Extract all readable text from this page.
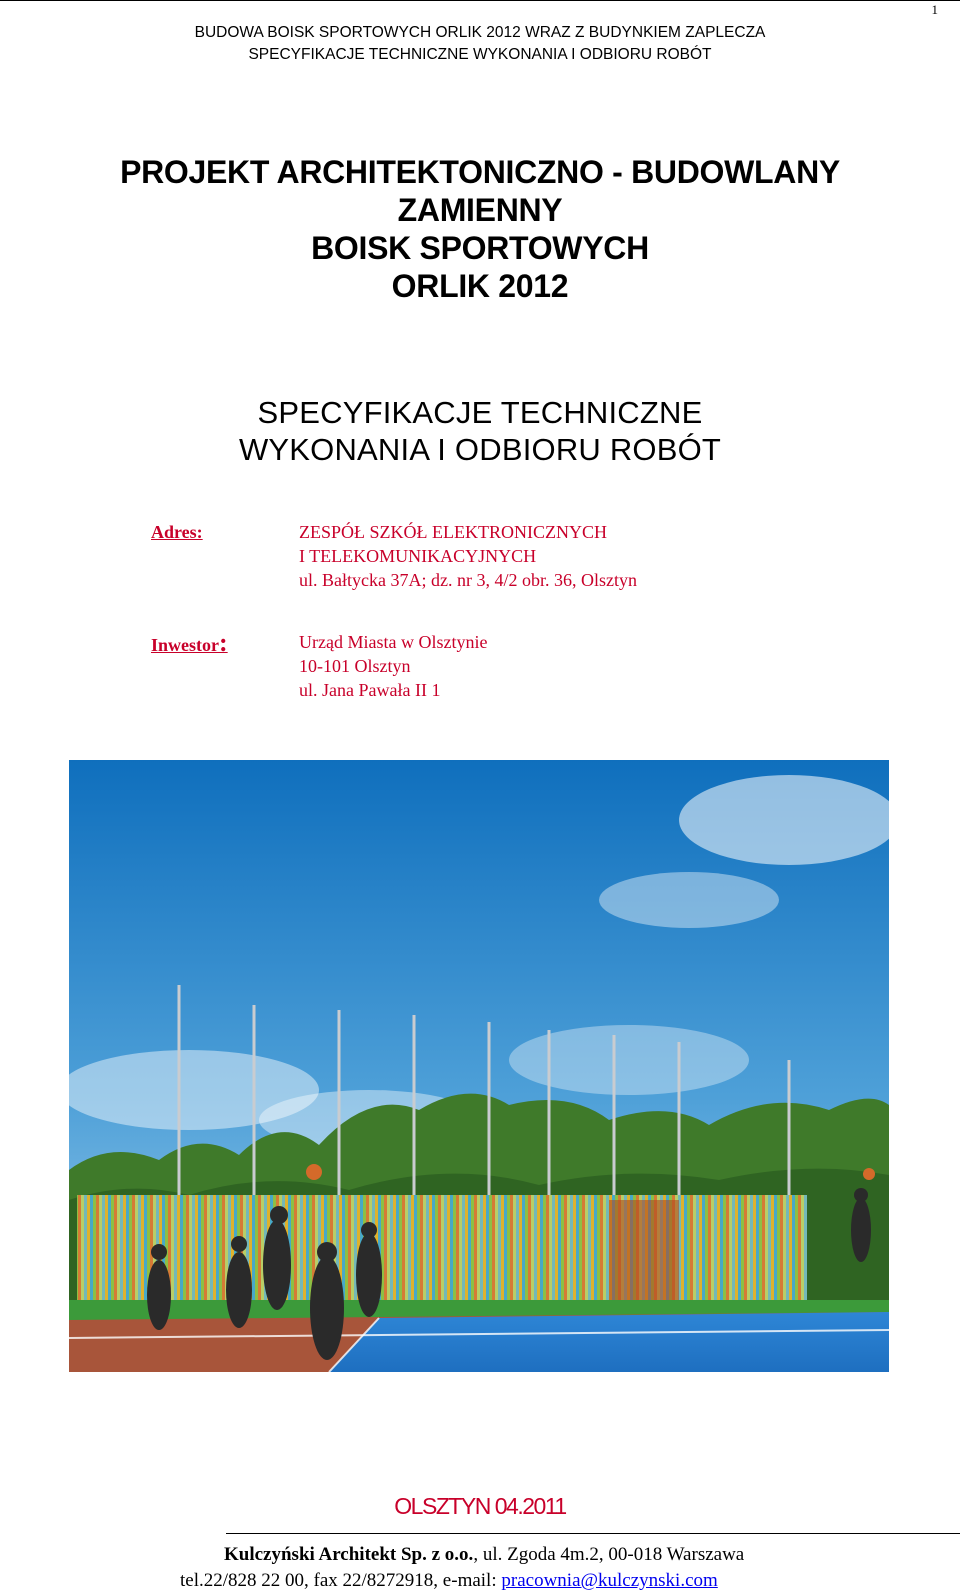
1
BUDOWA BOISK SPORTOWYCH ORLIK 2012 WRAZ Z BUDYNKIEM ZAPLECZA
SPECYFIKACJE TECHNICZNE WYKONANIA I ODBIORU ROBÓT
PROJEKT ARCHITEKTONICZNO - BUDOWLANY
ZAMIENNY
BOISK SPORTOWYCH
ORLIK 2012
SPECYFIKACJE TECHNICZNE
WYKONANIA I ODBIORU ROBÓT
Adres:	ZESPÓŁ SZKÓŁ ELEKTRONICZNYCH
I TELEKOMUNIKACYJNYCH
ul. Bałtycka 37A; dz. nr 3, 4/2 obr. 36, Olsztyn
Inwestor:	Urząd Miasta w Olsztynie
10-101 Olsztyn
ul. Jana Pawała II 1
OLSZTYN 04.2011
Kulczyński Architekt Sp. z o.o., ul. Zgoda 4m.2, 00-018 Warszawa
tel.22/828 22 00, fax 22/8272918, e-mail: pracownia@kulczynski.com
